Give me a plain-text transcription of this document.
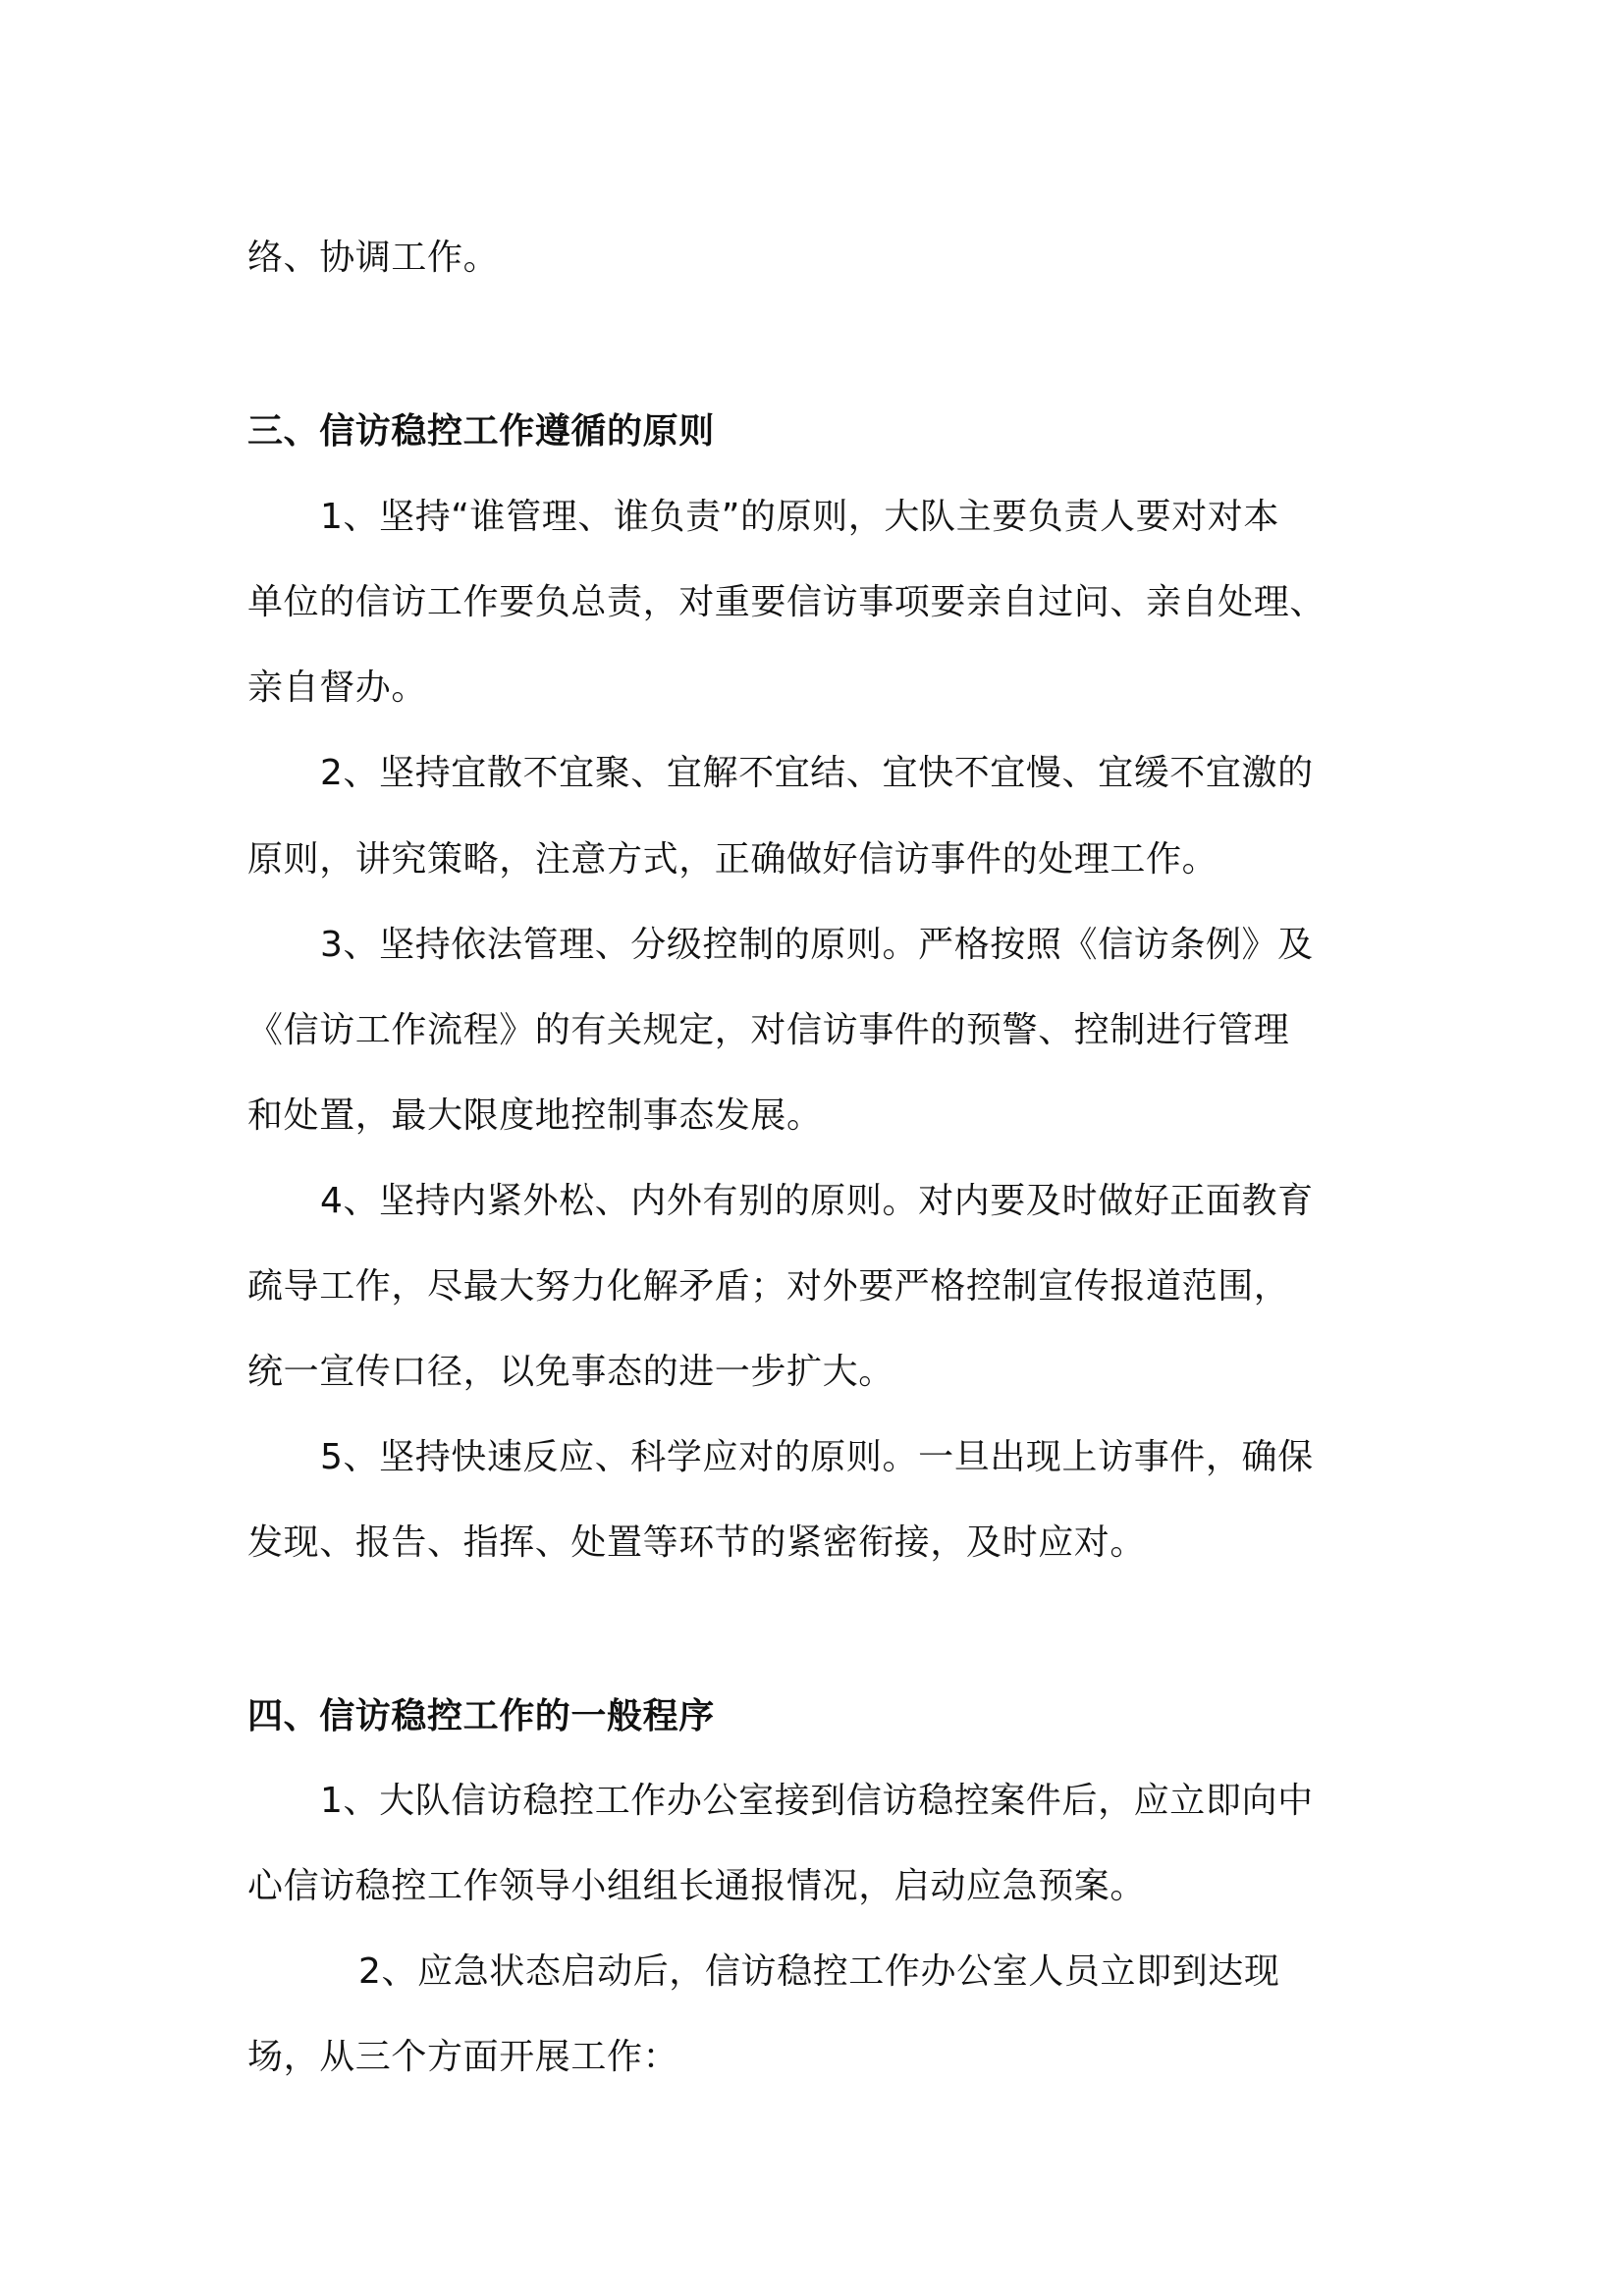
络、协调工作。
三、信访稳控工作遵循的原则
1、坚持“谁管理、谁负责”的原则，大队主要负责人要对对本
单位的信访工作要负总责，对重要信访事项要亲自过问、亲自处理、
亲自督办。
2、坚持宜散不宜聚、宜解不宜结、宜快不宜慢、宜缓不宜激的
原则，讲究策略，注意方式，正确做好信访事件的处理工作。
3、坚持依法管理、分级控制的原则。严格按照《信访条例》及
《信访工作流程》的有关规定，对信访事件的预警、控制进行管理
和处置，最大限度地控制事态发展。
4、坚持内紧外松、内外有别的原则。对内要及时做好正面教育
疏导工作，尽最大努力化解矛盾；对外要严格控制宣传报道范围，
统一宣传口径，以免事态的进一步扩大。
5、坚持快速反应、科学应对的原则。一旦出现上访事件，确保
发现、报告、指挥、处置等环节的紧密衔接，及时应对。
四、信访稳控工作的一般程序
1、大队信访稳控工作办公室接到信访稳控案件后，应立即向中
心信访稳控工作领导小组组长通报情况，启动应急预案。
2、应急状态启动后，信访稳控工作办公室人员立即到达现
场，从三个方面开展工作：
